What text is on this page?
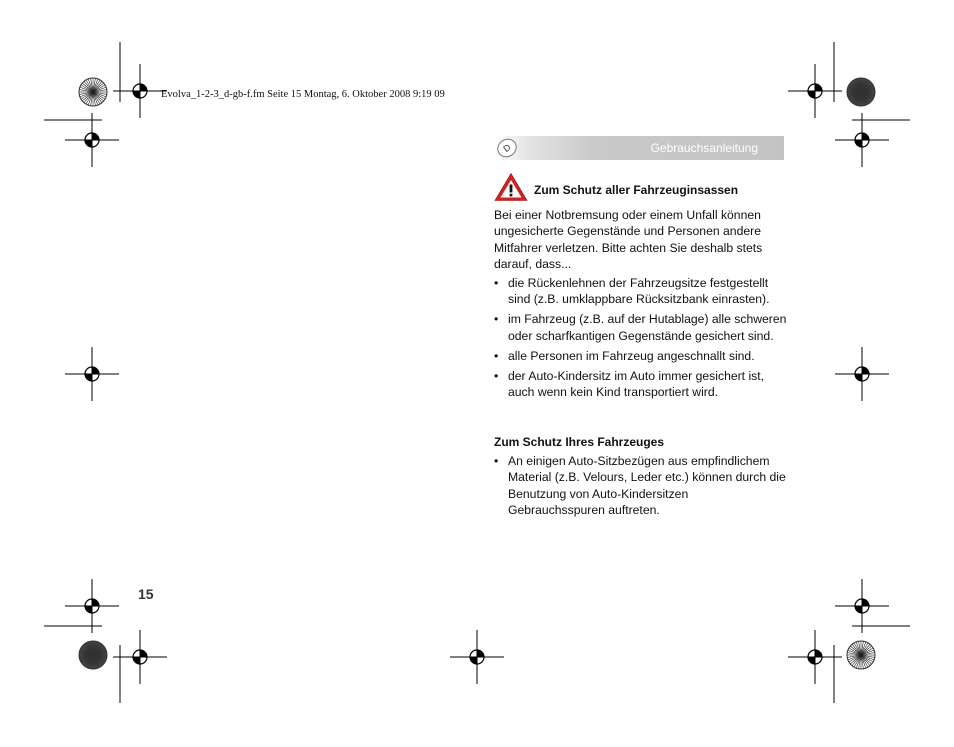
Evolva_1-2-3_d-gb-f.fm Seite 15 Montag, 6. Oktober 2008 9:19 09
D	Gebrauchsanleitung
Zum Schutz aller Fahrzeuginsassen
Bei einer Notbremsung oder einem Unfall können ungesicherte Gegenstände und Personen andere Mitfahrer verletzen. Bitte achten Sie deshalb stets darauf, dass...
• die Rückenlehnen der Fahrzeugsitze festgestellt sind (z.B. umklappbare Rücksitzbank einrasten).
• im Fahrzeug (z.B. auf der Hutablage) alle schweren oder scharfkantigen Gegenstände gesichert sind.
• alle Personen im Fahrzeug angeschnallt sind.
• der Auto-Kindersitz im Auto immer gesichert ist, auch wenn kein Kind transportiert wird.
Zum Schutz Ihres Fahrzeuges
• An einigen Auto-Sitzbezügen aus empfindlichem Material (z.B. Velours, Leder etc.) können durch die Benutzung von Auto-Kindersitzen Gebrauchsspuren auftreten.
15
